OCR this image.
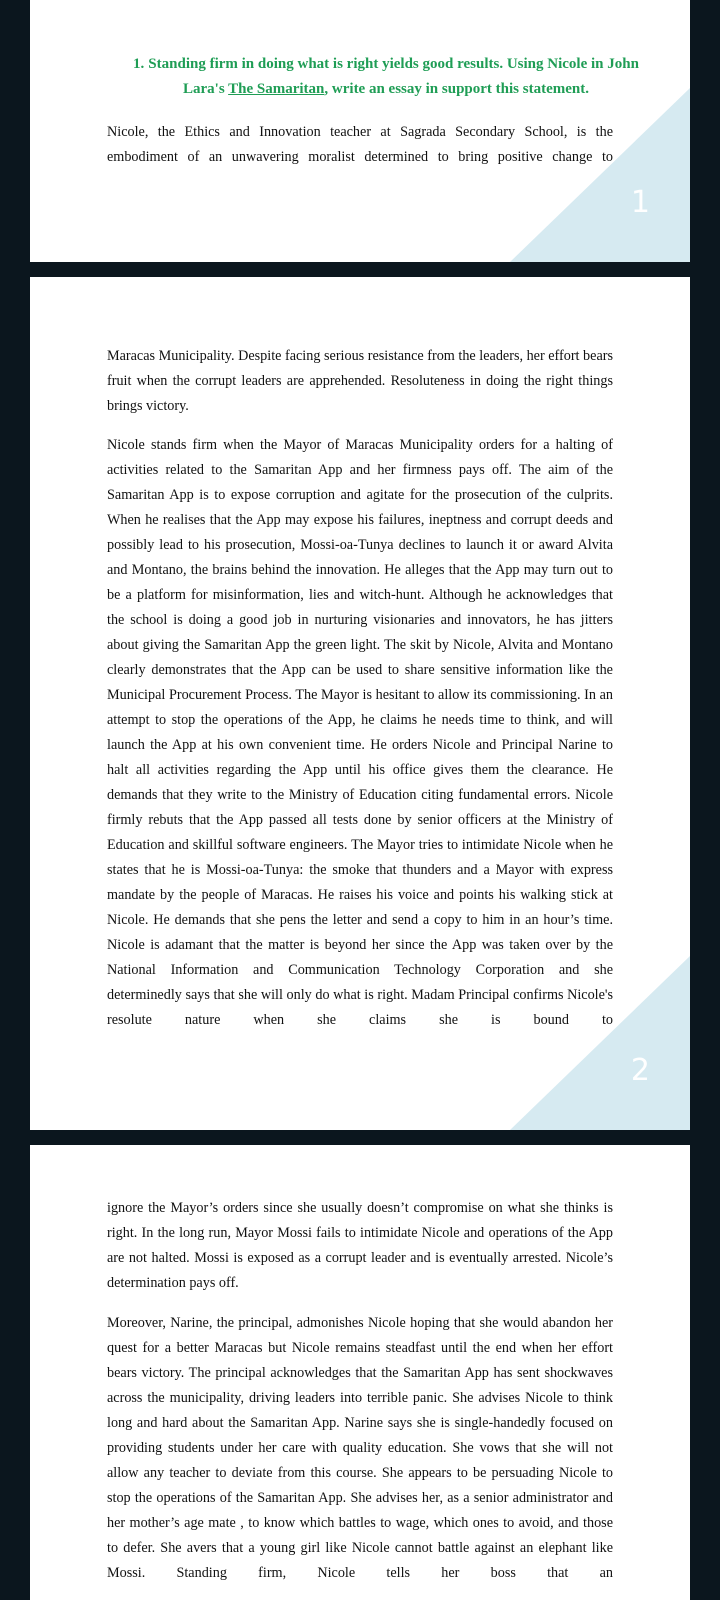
1
1. Standing firm in doing what is right yields good results. Using Nicole in John Lara's The Samaritan, write an essay in support this statement.

Nicole, the Ethics and Innovation teacher at Sagrada Secondary School, is the embodiment of an unwavering moralist determined to bring positive change to

2

Maracas Municipality. Despite facing serious resistance from the leaders, her effort bears fruit when the corrupt leaders are apprehended. Resoluteness in doing the right things brings victory.

Nicole stands firm when the Mayor of Maracas Municipality orders for a halting of activities related to the Samaritan App and her firmness pays off. The aim of the Samaritan App is to expose corruption and agitate for the prosecution of the culprits. When he realises that the App may expose his failures, ineptness and corrupt deeds and possibly lead to his prosecution, Mossi-oa-Tunya declines to launch it or award Alvita and Montano, the brains behind the innovation. He alleges that the App may turn out to be a platform for misinformation, lies and witch-hunt. Although he acknowledges that the school is doing a good job in nurturing visionaries and innovators, he has jitters about giving the Samaritan App the green light. The skit by Nicole, Alvita and Montano clearly demonstrates that the App can be used to share sensitive information like the Municipal Procurement Process. The Mayor is hesitant to allow its commissioning. In an attempt to stop the operations of the App, he claims he needs time to think, and will launch the App at his own convenient time. He orders Nicole and Principal Narine to halt all activities regarding the App until his office gives them the clearance. He demands that they write to the Ministry of Education citing fundamental errors. Nicole firmly rebuts that the App passed all tests done by senior officers at the Ministry of Education and skillful software engineers. The Mayor tries to intimidate Nicole when he states that he is Mossi-oa-Tunya: the smoke that thunders and a Mayor with express mandate by the people of Maracas. He raises his voice and points his walking stick at Nicole. He demands that she pens the letter and send a copy to him in an hour’s time. Nicole is adamant that the matter is beyond her since the App was taken over by the National Information and Communication Technology Corporation and she determinedly says that she will only do what is right. Madam Principal confirms Nicole's resolute nature when she claims she is bound to

ignore the Mayor’s orders since she usually doesn’t compromise on what she thinks is right. In the long run, Mayor Mossi fails to intimidate Nicole and operations of the App are not halted. Mossi is exposed as a corrupt leader and is eventually arrested. Nicole’s determination pays off.

Moreover, Narine, the principal, admonishes Nicole hoping that she would abandon her quest for a better Maracas but Nicole remains steadfast until the end when her effort bears victory. The principal acknowledges that the Samaritan App has sent shockwaves across the municipality, driving leaders into terrible panic. She advises Nicole to think long and hard about the Samaritan App. Narine says she is single-handedly focused on providing students under her care with quality education. She vows that she will not allow any teacher to deviate from this course. She appears to be persuading Nicole to stop the operations of the Samaritan App. She advises her, as a senior administrator and her mother’s age mate , to know which battles to wage, which ones to avoid, and those to defer. She avers that a young girl like Nicole cannot battle against an elephant like Mossi. Standing firm, Nicole tells her boss that an
